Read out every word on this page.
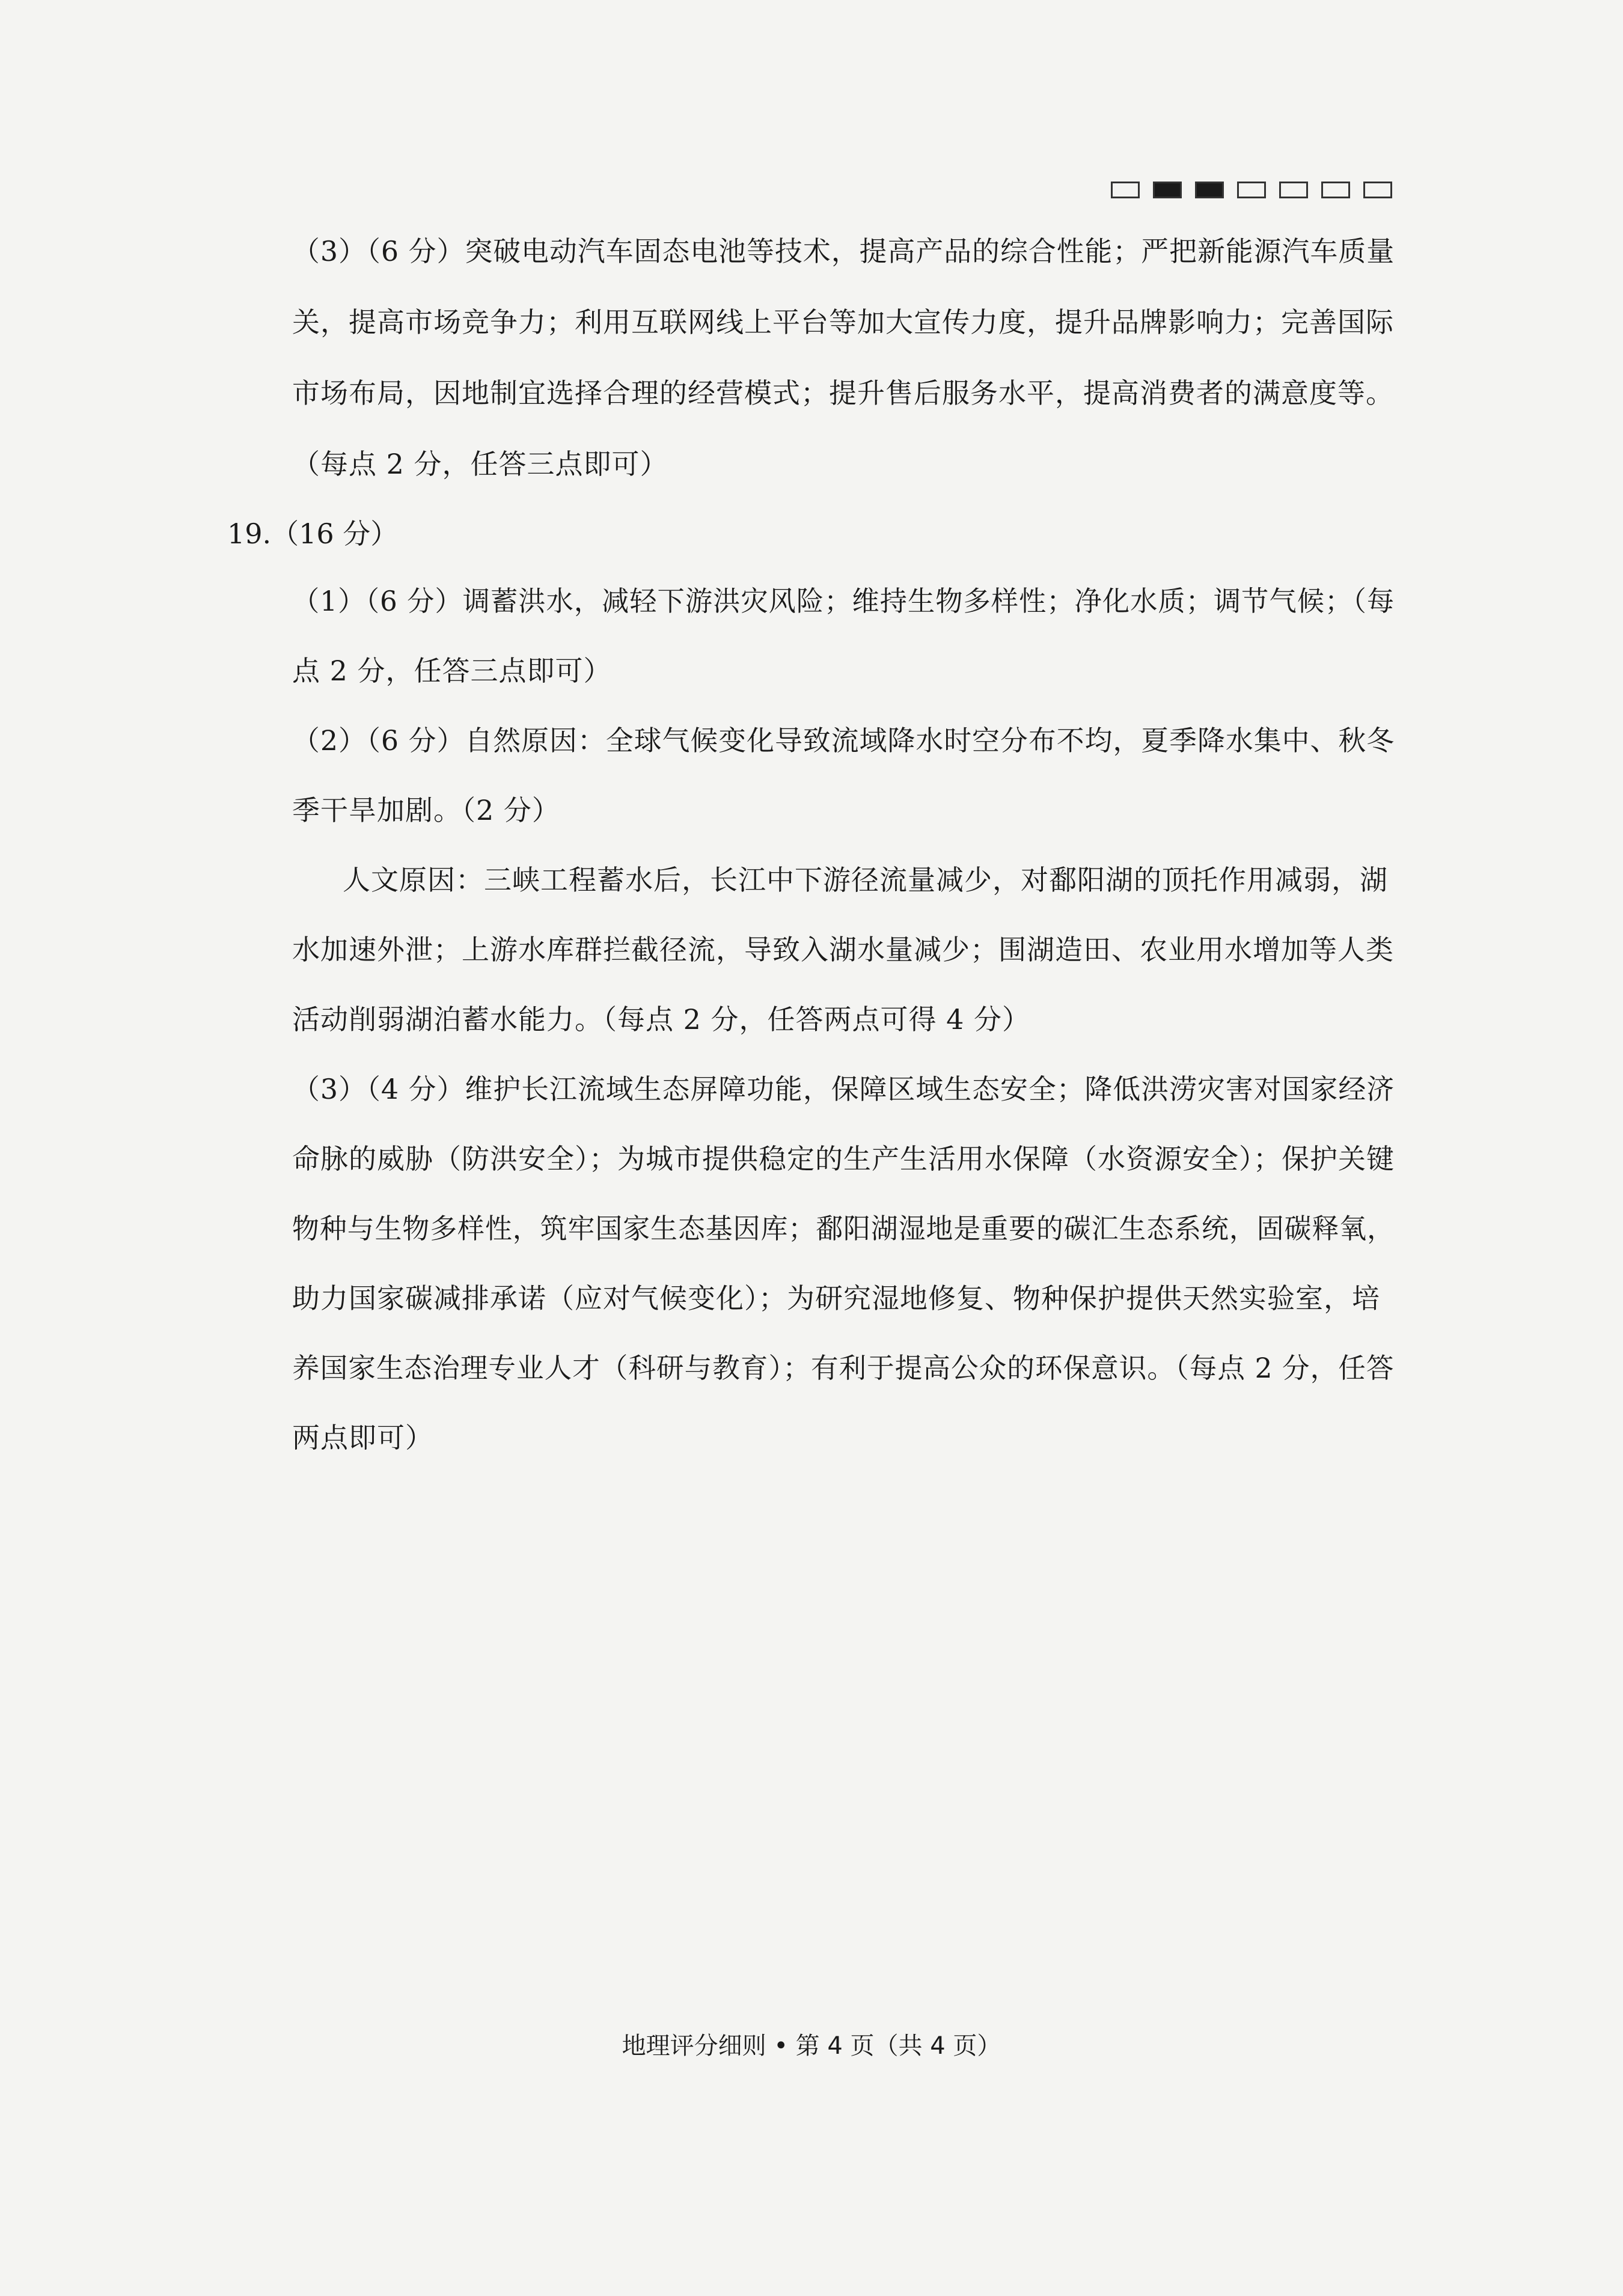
（3）（6 分）突破电动汽车固态电池等技术，提高产品的综合性能；严把新能源汽车质量
关，提高市场竞争力；利用互联网线上平台等加大宣传力度，提升品牌影响力；完善国际
市场布局，因地制宜选择合理的经营模式；提升售后服务水平，提高消费者的满意度等。
（每点 2 分，任答三点即可）
19.（16 分）
（1）（6 分）调蓄洪水，减轻下游洪灾风险；维持生物多样性；净化水质；调节气候；（每
点 2 分，任答三点即可）
（2）（6 分）自然原因：全球气候变化导致流域降水时空分布不均，夏季降水集中、秋冬
季干旱加剧。（2 分）
人文原因：三峡工程蓄水后，长江中下游径流量减少，对鄱阳湖的顶托作用减弱，湖
水加速外泄；上游水库群拦截径流，导致入湖水量减少；围湖造田、农业用水增加等人类
活动削弱湖泊蓄水能力。（每点 2 分，任答两点可得 4 分）
（3）（4 分）维护长江流域生态屏障功能，保障区域生态安全；降低洪涝灾害对国家经济
命脉的威胁（防洪安全）；为城市提供稳定的生产生活用水保障（水资源安全）；保护关键
物种与生物多样性，筑牢国家生态基因库；鄱阳湖湿地是重要的碳汇生态系统，固碳释氧，
助力国家碳减排承诺（应对气候变化）；为研究湿地修复、物种保护提供天然实验室，培
养国家生态治理专业人才（科研与教育）；有利于提高公众的环保意识。（每点 2 分，任答
两点即可）
地理评分细则 • 第 4 页（共 4 页）
